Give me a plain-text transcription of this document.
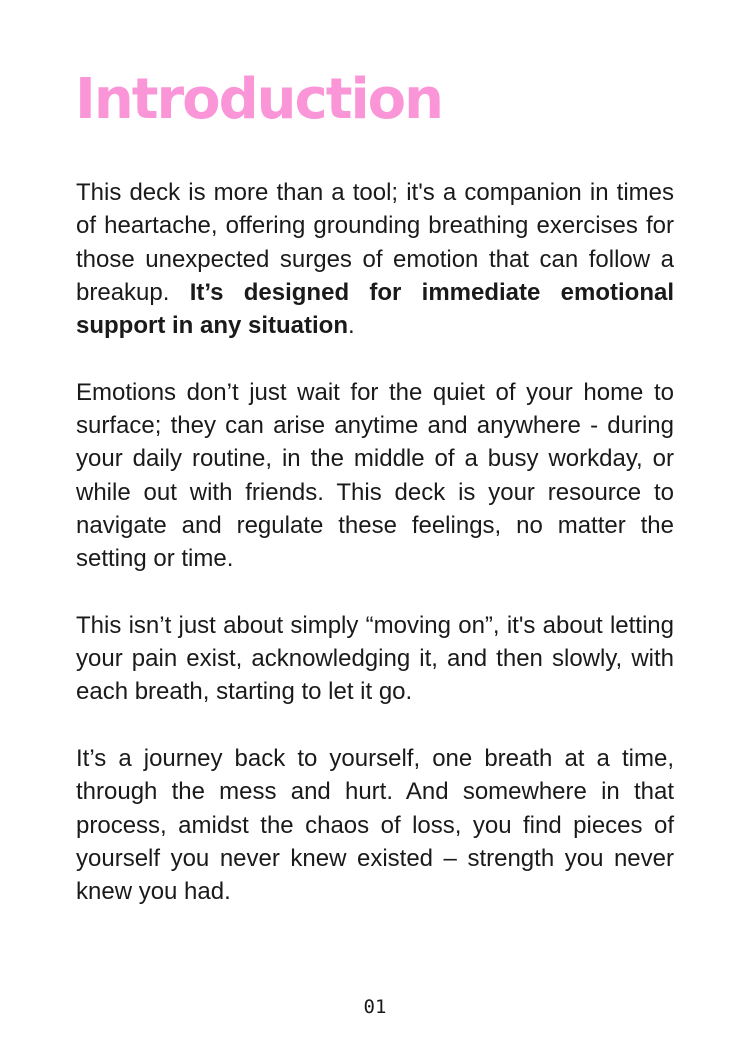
Introduction

This deck is more than a tool; it's a companion in times of heartache, offering grounding breathing exercises for those unexpected surges of emotion that can follow a breakup. It’s designed for immediate emotional support in any situation.

Emotions don’t just wait for the quiet of your home to surface; they can arise anytime and anywhere - during your daily routine, in the middle of a busy workday, or while out with friends. This deck is your resource to navigate and regulate these feelings, no matter the setting or time.

This isn’t just about simply “moving on”, it's about letting your pain exist, acknowledging it, and then slowly, with each breath, starting to let it go.

It’s a journey back to yourself, one breath at a time, through the mess and hurt. And somewhere in that process, amidst the chaos of loss, you find pieces of yourself you never knew existed – strength you never knew you had.

01
